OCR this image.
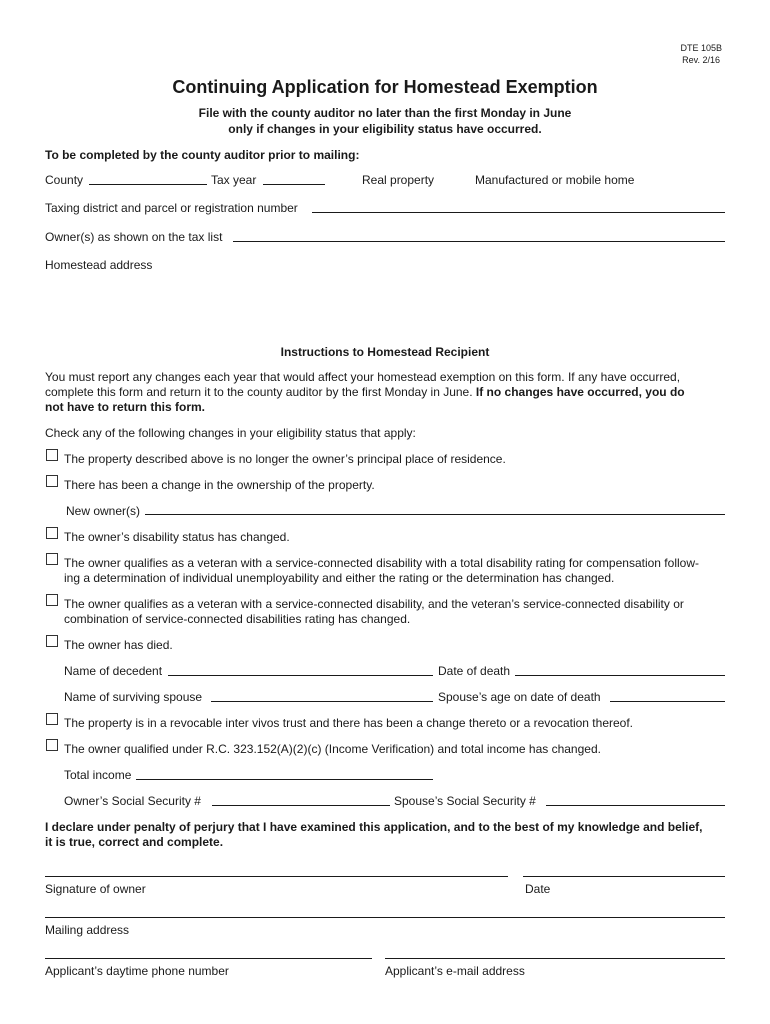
DTE 105B
Rev. 2/16
Continuing Application for Homestead Exemption
File with the county auditor no later than the first Monday in June
only if changes in your eligibility status have occurred.
To be completed by the county auditor prior to mailing:
County	Tax year	Real property	Manufactured or mobile home
Taxing district and parcel or registration number
Owner(s) as shown on the tax list
Homestead address
Instructions to Homestead Recipient
You must report any changes each year that would affect your homestead exemption on this form. If any have occurred,
complete this form and return it to the county auditor by the first Monday in June. If no changes have occurred, you do
not have to return this form.
Check any of the following changes in your eligibility status that apply:
The property described above is no longer the owner’s principal place of residence.
There has been a change in the ownership of the property.
New owner(s)
The owner’s disability status has changed.
The owner qualifies as a veteran with a service-connected disability with a total disability rating for compensation follow-
ing a determination of individual unemployability and either the rating or the determination has changed.
The owner qualifies as a veteran with a service-connected disability, and the veteran’s service-connected disability or
combination of service-connected disabilities rating has changed.
The owner has died.
Name of decedent	Date of death
Name of surviving spouse	Spouse’s age on date of death
The property is in a revocable inter vivos trust and there has been a change thereto or a revocation thereof.
The owner qualified under R.C. 323.152(A)(2)(c) (Income Verification) and total income has changed.
Total income
Owner’s Social Security #	Spouse’s Social Security #
I declare under penalty of perjury that I have examined this application, and to the best of my knowledge and belief,
it is true, correct and complete.
Signature of owner	Date
Mailing address
Applicant’s daytime phone number	Applicant’s e-mail address
